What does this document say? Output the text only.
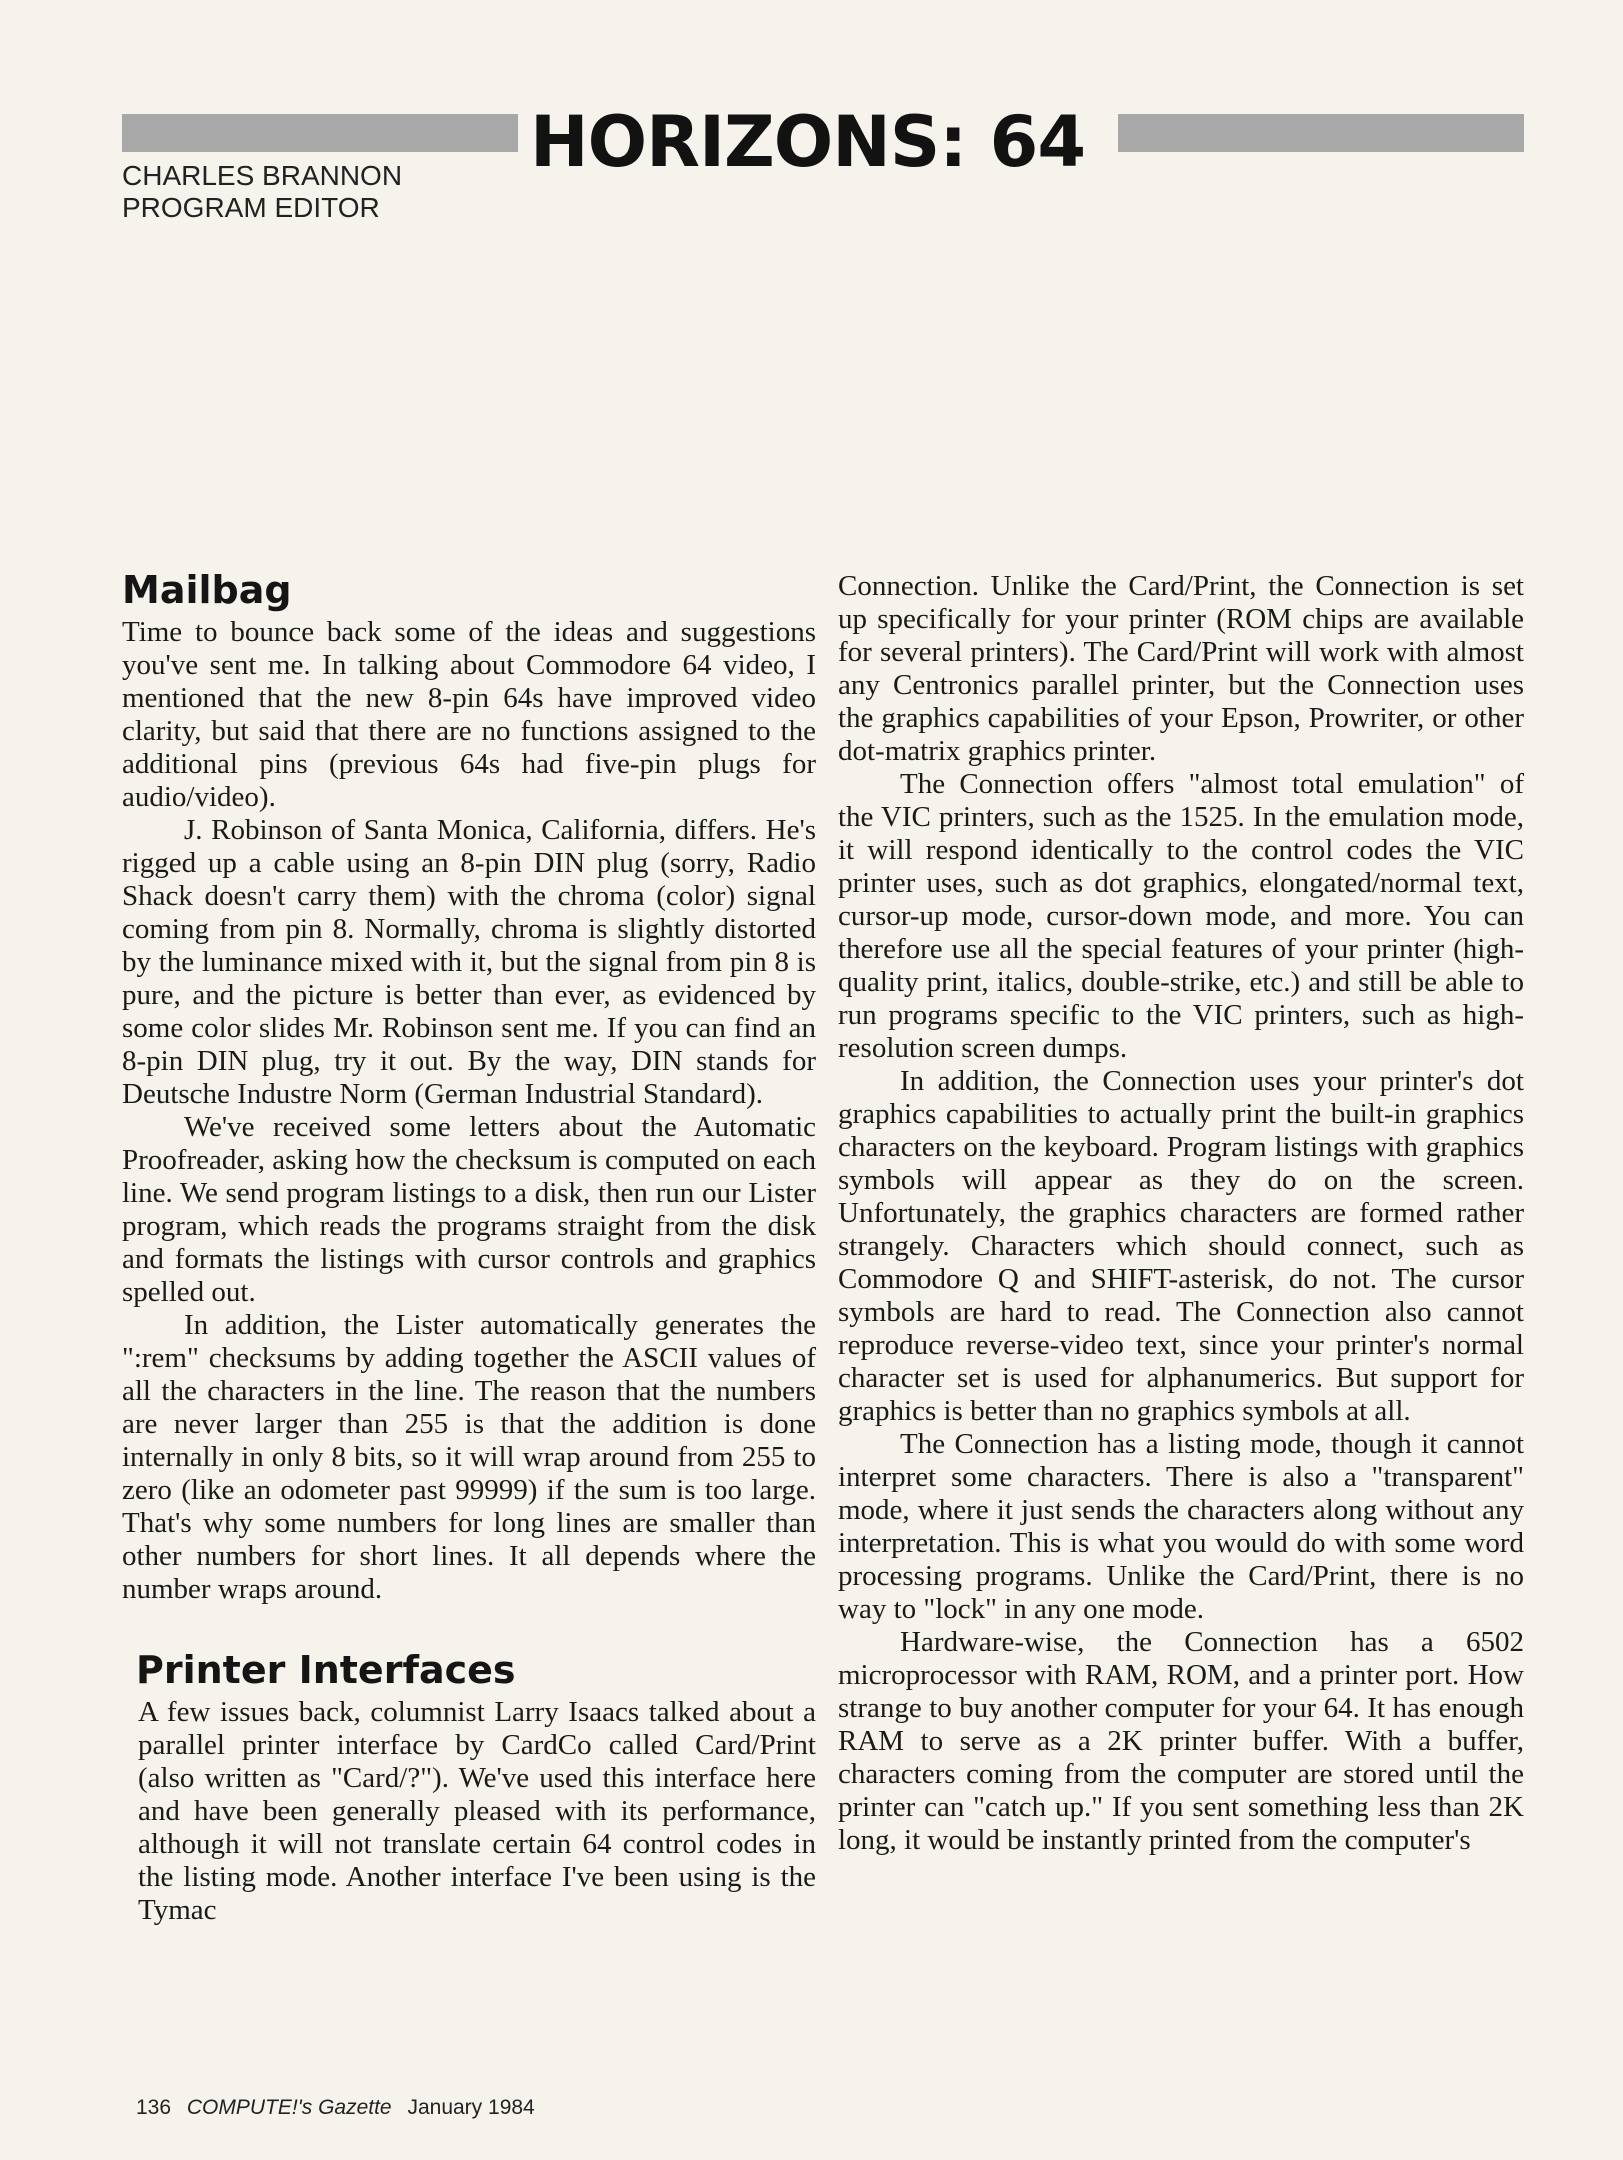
HORIZONS: 64
CHARLES BRANNON
PROGRAM EDITOR
Mailbag

Time to bounce back some of the ideas and suggestions you've sent me. In talking about Commodore 64 video, I mentioned that the new 8-pin 64s have improved video clarity, but said that there are no functions assigned to the additional pins (previous 64s had five-pin plugs for audio/video).

J. Robinson of Santa Monica, California, differs. He's rigged up a cable using an 8-pin DIN plug (sorry, Radio Shack doesn't carry them) with the chroma (color) signal coming from pin 8. Normally, chroma is slightly distorted by the luminance mixed with it, but the signal from pin 8 is pure, and the picture is better than ever, as evidenced by some color slides Mr. Robinson sent me. If you can find an 8-pin DIN plug, try it out. By the way, DIN stands for Deutsche Industre Norm (German Industrial Standard).

We've received some letters about the Automatic Proofreader, asking how the checksum is computed on each line. We send program listings to a disk, then run our Lister program, which reads the programs straight from the disk and formats the listings with cursor controls and graphics spelled out.

In addition, the Lister automatically generates the ":rem" checksums by adding together the ASCII values of all the characters in the line. The reason that the numbers are never larger than 255 is that the addition is done internally in only 8 bits, so it will wrap around from 255 to zero (like an odometer past 99999) if the sum is too large. That's why some numbers for long lines are smaller than other numbers for short lines. It all depends where the number wraps around.

Printer Interfaces

A few issues back, columnist Larry Isaacs talked about a parallel printer interface by CardCo called Card/Print (also written as "Card/?"). We've used this interface here and have been generally pleased with its performance, although it will not translate certain 64 control codes in the listing mode. Another interface I've been using is the Tymac

Connection. Unlike the Card/Print, the Connection is set up specifically for your printer (ROM chips are available for several printers). The Card/Print will work with almost any Centronics parallel printer, but the Connection uses the graphics capabilities of your Epson, Prowriter, or other dot-matrix graphics printer.

The Connection offers "almost total emulation" of the VIC printers, such as the 1525. In the emulation mode, it will respond identically to the control codes the VIC printer uses, such as dot graphics, elongated/normal text, cursor-up mode, cursor-down mode, and more. You can therefore use all the special features of your printer (high-quality print, italics, double-strike, etc.) and still be able to run programs specific to the VIC printers, such as high-resolution screen dumps.

In addition, the Connection uses your printer's dot graphics capabilities to actually print the built-in graphics characters on the keyboard. Program listings with graphics symbols will appear as they do on the screen. Unfortunately, the graphics characters are formed rather strangely. Characters which should connect, such as Commodore Q and SHIFT-asterisk, do not. The cursor symbols are hard to read. The Connection also cannot reproduce reverse-video text, since your printer's normal character set is used for alphanumerics. But support for graphics is better than no graphics symbols at all.

The Connection has a listing mode, though it cannot interpret some characters. There is also a "transparent" mode, where it just sends the characters along without any interpretation. This is what you would do with some word processing programs. Unlike the Card/Print, there is no way to "lock" in any one mode.

Hardware-wise, the Connection has a 6502 microprocessor with RAM, ROM, and a printer port. How strange to buy another computer for your 64. It has enough RAM to serve as a 2K printer buffer. With a buffer, characters coming from the computer are stored until the printer can "catch up." If you sent something less than 2K long, it would be instantly printed from the computer's

136 COMPUTE!'s Gazette January 1984
